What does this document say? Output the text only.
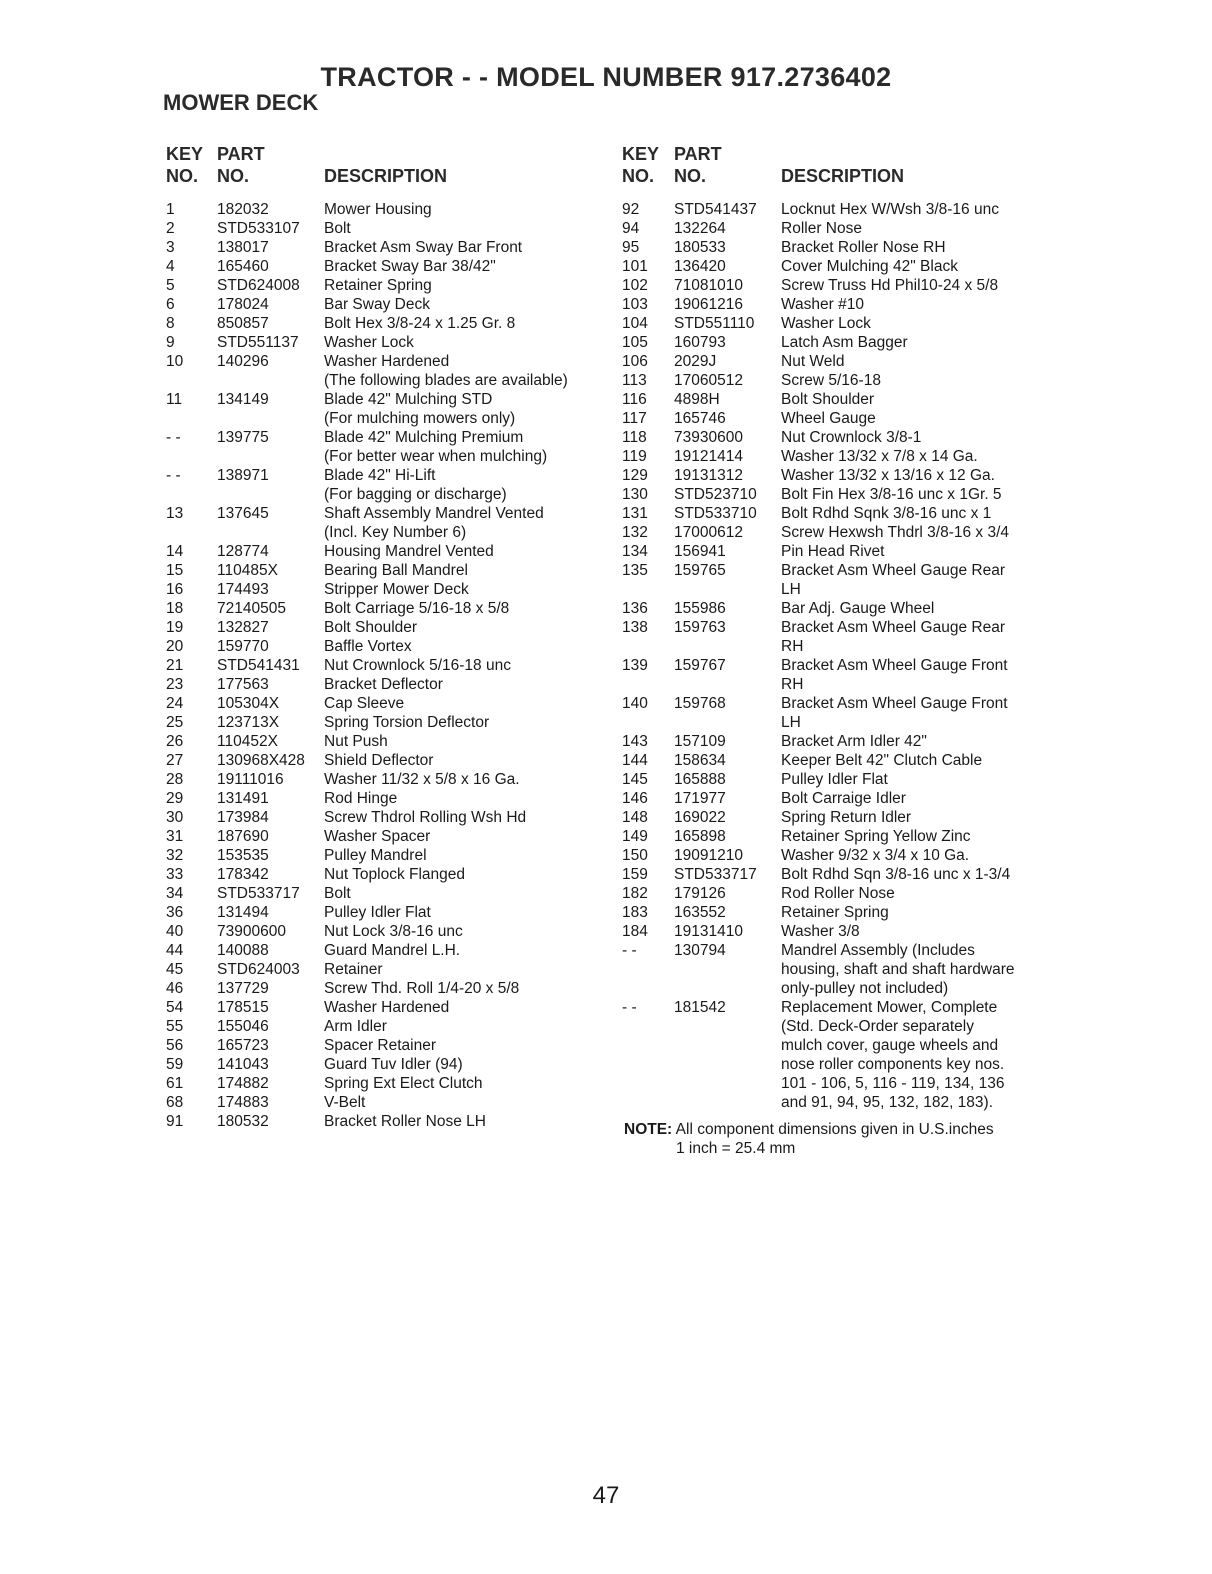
TRACTOR - - MODEL NUMBER 917.2736402
MOWER DECK
KEY
NO.
PART
NO.	DESCRIPTION
1	182032	Mower Housing
2	STD533107 Bolt
3	138017	Bracket Asm Sway Bar Front
4	165460	Bracket Sway Bar 38/42"
5	STD624008 Retainer Spring
6	178024	Bar Sway Deck
8	850857	Bolt Hex 3/8-24 x 1.25 Gr. 8
9	STD551137 Washer Lock
10 140296	Washer Hardened
(The following blades are available)
11 134149	Blade 42" Mulching STD
(For mulching mowers only)
- - 139775	Blade 42" Mulching Premium
(For better wear when mulching)
- - 138971	Blade 42" Hi-Lift
(For bagging or discharge)
13 137645	Shaft Assembly Mandrel Vented
(Incl. Key Number 6)
14 128774	Housing Mandrel Vented
15 110485X	Bearing Ball Mandrel
16 174493	Stripper Mower Deck
18 72140505 Bolt Carriage 5/16-18 x 5/8
19 132827	Bolt Shoulder
20 159770	Baffle Vortex
21 STD541431 Nut Crownlock 5/16-18 unc
23 177563	Bracket Deflector
24 105304X	Cap Sleeve
25 123713X	Spring Torsion Deflector
26 110452X	Nut Push
27 130968X428 Shield Deflector
28 19111016	Washer 11/32 x 5/8 x 16 Ga.
29 131491	Rod Hinge
30 173984	Screw Thdrol Rolling Wsh Hd
31 187690	Washer Spacer
32 153535	Pulley Mandrel
33 178342	Nut Toplock Flanged
34 STD533717 Bolt
36 131494	Pulley Idler Flat
40 73900600 Nut Lock 3/8-16 unc
44 140088	Guard Mandrel L.H.
45 STD624003 Retainer
46 137729	Screw Thd. Roll 1/4-20 x 5/8
54 178515	Washer Hardened
55 155046	Arm Idler
56 165723	Spacer Retainer
59 141043	Guard Tuv Idler (94)
61 174882	Spring Ext Elect Clutch
68 174883	V-Belt
91 180532	Bracket Roller Nose LH
KEY
NO.
PART
NO.	DESCRIPTION
92 STD541437 Locknut Hex W/Wsh 3/8-16 unc
94 132264	Roller Nose
95 180533	Bracket Roller Nose RH
101 136420	Cover Mulching 42" Black
102 71081010 Screw Truss Hd Phil10-24 x 5/8
103 19061216 Washer #10
104 STD551110 Washer Lock
105 160793	Latch Asm Bagger
106 2029J	Nut Weld
113 17060512 Screw 5/16-18
116 4898H	Bolt Shoulder
117 165746	Wheel Gauge
118 73930600 Nut Crownlock 3/8-1
119 19121414 Washer 13/32 x 7/8 x 14 Ga.
129 19131312 Washer 13/32 x 13/16 x 12 Ga.
130 STD523710 Bolt Fin Hex 3/8-16 unc x 1Gr. 5
131 STD533710 Bolt Rdhd Sqnk 3/8-16 unc x 1
132 17000612 Screw Hexwsh Thdrl 3/8-16 x 3/4
134 156941	Pin Head Rivet
135 159765	Bracket Asm Wheel Gauge Rear
LH
136 155986	Bar Adj. Gauge Wheel
138 159763	Bracket Asm Wheel Gauge Rear
RH
139 159767	Bracket Asm Wheel Gauge Front
RH
140 159768	Bracket Asm Wheel Gauge Front
LH
143 157109	Bracket Arm Idler 42"
144 158634	Keeper Belt 42" Clutch Cable
145 165888	Pulley Idler Flat
146 171977	Bolt Carraige Idler
148 169022	Spring Return Idler
149 165898	Retainer Spring Yellow Zinc
150 19091210 Washer 9/32 x 3/4 x 10 Ga.
159 STD533717 Bolt Rdhd Sqn 3/8-16 unc x 1-3/4
182 179126	Rod Roller Nose
183 163552	Retainer Spring
184 19131410 Washer 3/8
- - 130794	Mandrel Assembly (Includes
housing, shaft and shaft hardware
only-pulley not included)
- - 181542	Replacement Mower, Complete
(Std. Deck-Order separately
mulch cover, gauge wheels and
nose roller components key nos.
101 - 106, 5, 116 - 119, 134, 136
and 91, 94, 95, 132, 182, 183).
NOTE: All component dimensions given in U.S.inches
1 inch = 25.4 mm
47
